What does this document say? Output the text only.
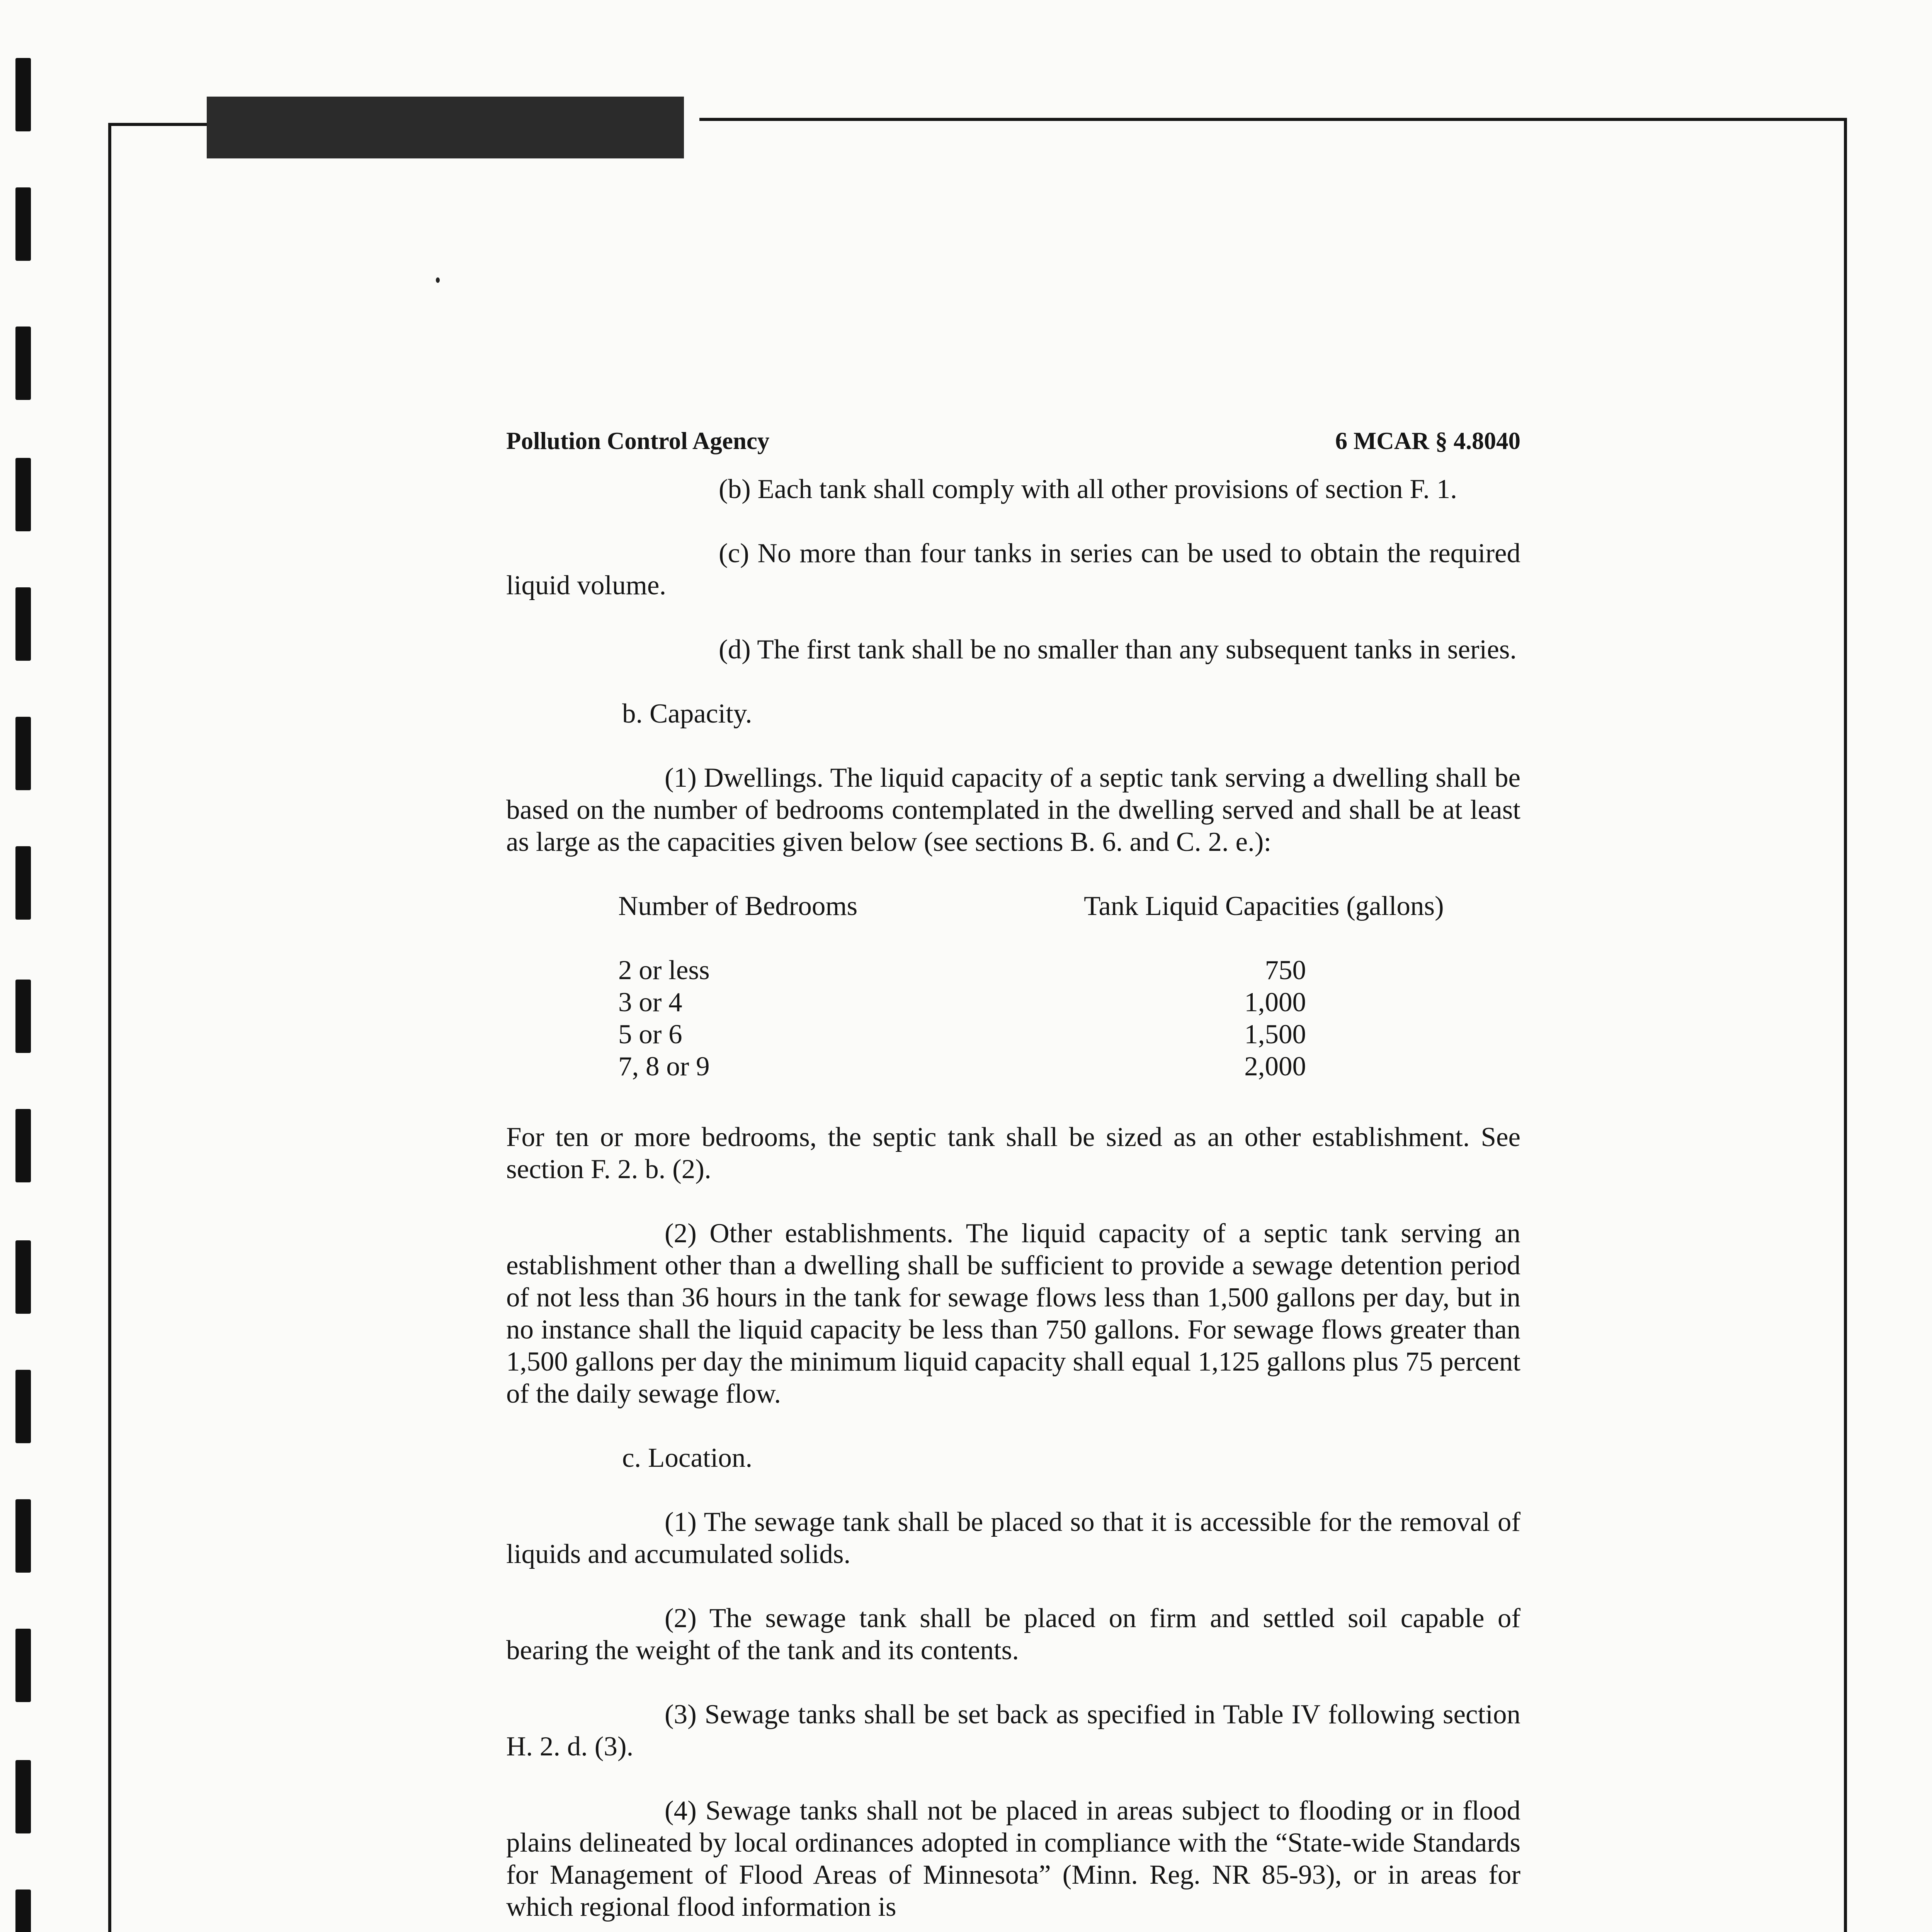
Pollution Control Agency	6 MCAR § 4.8040

(b) Each tank shall comply with all other provisions of section F. 1.

(c) No more than four tanks in series can be used to obtain the required liquid volume.

(d) The first tank shall be no smaller than any subsequent tanks in series.

b. Capacity.

(1) Dwellings. The liquid capacity of a septic tank serving a dwelling shall be based on the number of bedrooms contemplated in the dwelling served and shall be at least as large as the capacities given below (see sections B. 6. and C. 2. e.):

Number of Bedrooms	Tank Liquid Capacities (gallons)
2 or less	750
3 or 4	1,000
5 or 6	1,500
7, 8 or 9	2,000

For ten or more bedrooms, the septic tank shall be sized as an other establishment. See section F. 2. b. (2).

(2) Other establishments. The liquid capacity of a septic tank serving an establishment other than a dwelling shall be sufficient to provide a sewage detention period of not less than 36 hours in the tank for sewage flows less than 1,500 gallons per day, but in no instance shall the liquid capacity be less than 750 gallons. For sewage flows greater than 1,500 gallons per day the minimum liquid capacity shall equal 1,125 gallons plus 75 percent of the daily sewage flow.

c. Location.

(1) The sewage tank shall be placed so that it is accessible for the removal of liquids and accumulated solids.

(2) The sewage tank shall be placed on firm and settled soil capable of bearing the weight of the tank and its contents.

(3) Sewage tanks shall be set back as specified in Table IV following section H. 2. d. (3).

(4) Sewage tanks shall not be placed in areas subject to flooding or in flood plains delineated by local ordinances adopted in compliance with the “State-wide Standards for Management of Flood Areas of Minnesota” (Minn. Reg. NR 85-93), or in areas for which regional flood information is
